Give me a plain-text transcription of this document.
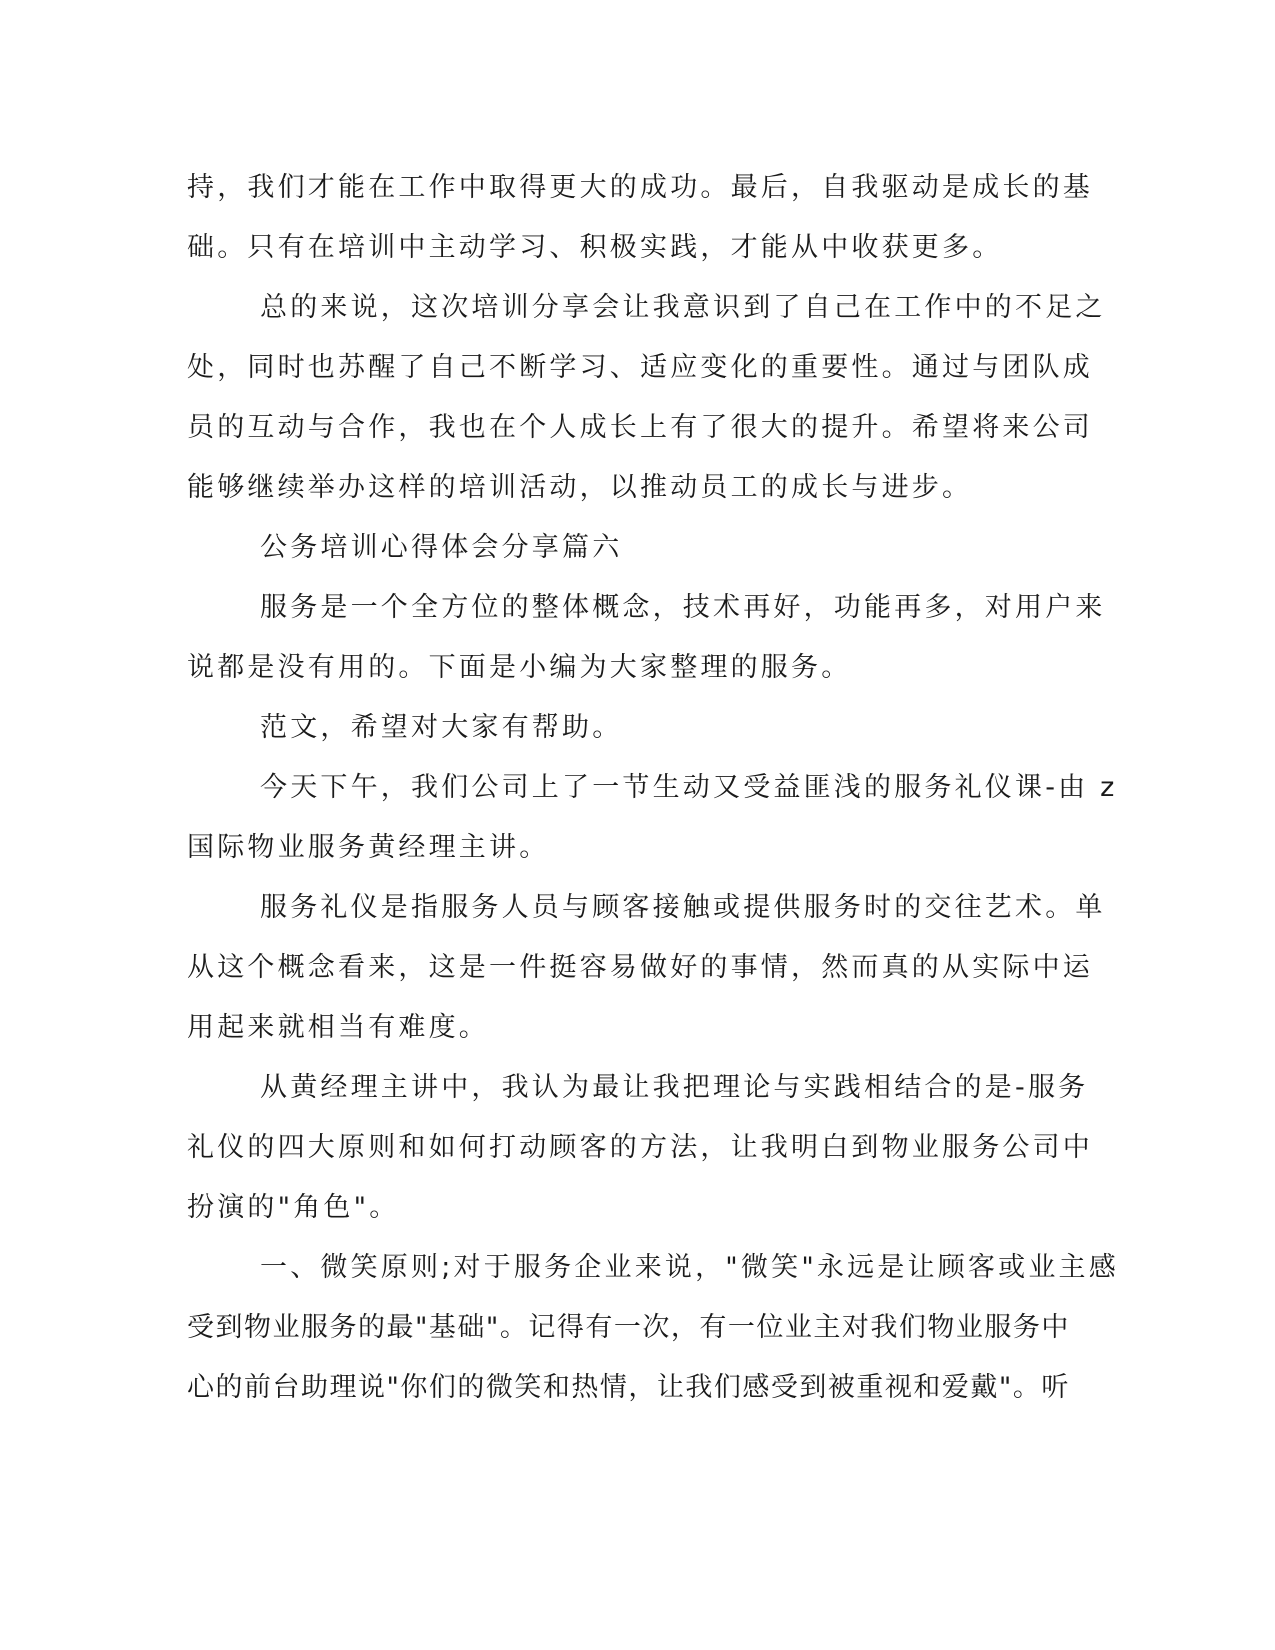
持，我们才能在工作中取得更大的成功。最后，自我驱动是成长的基
础。只有在培训中主动学习、积极实践，才能从中收获更多。
总的来说，这次培训分享会让我意识到了自己在工作中的不足之
处，同时也苏醒了自己不断学习、适应变化的重要性。通过与团队成
员的互动与合作，我也在个人成长上有了很大的提升。希望将来公司
能够继续举办这样的培训活动，以推动员工的成长与进步。
公务培训心得体会分享篇六
服务是一个全方位的整体概念，技术再好，功能再多，对用户来
说都是没有用的。下面是小编为大家整理的服务。
范文，希望对大家有帮助。
今天下午，我们公司上了一节生动又受益匪浅的服务礼仪课-由 z
国际物业服务黄经理主讲。
服务礼仪是指服务人员与顾客接触或提供服务时的交往艺术。单
从这个概念看来，这是一件挺容易做好的事情，然而真的从实际中运
用起来就相当有难度。
从黄经理主讲中，我认为最让我把理论与实践相结合的是-服务
礼仪的四大原则和如何打动顾客的方法，让我明白到物业服务公司中
扮演的"角色"。
一、微笑原则;对于服务企业来说，"微笑"永远是让顾客或业主感
受到物业服务的最"基础"。记得有一次，有一位业主对我们物业服务中
心的前台助理说"你们的微笑和热情，让我们感受到被重视和爱戴"。听
